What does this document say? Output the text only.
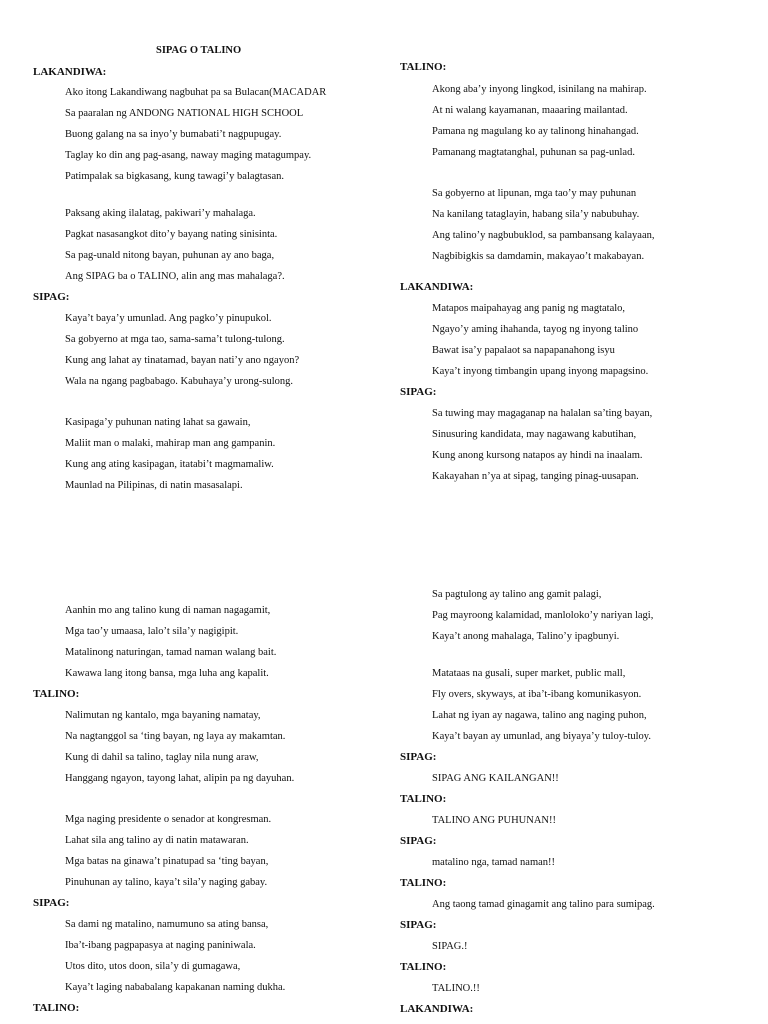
SIPAG O TALINO
LAKANDIWA:
Ako itong Lakandiwang nagbuhat pa sa Bulacan(MACADAR
Sa paaralan ng ANDONG NATIONAL HIGH SCHOOL
Buong galang na sa inyo’y bumabati’t nagpupugay.
Taglay ko din ang pag-asang, naway maging matagumpay.
Patimpalak sa bigkasang, kung tawagi’y balagtasan.
Paksang aking ilalatag, pakiwari’y mahalaga.
Pagkat nasasangkot dito’y bayang nating sinisinta.
Sa pag-unald nitong bayan, puhunan ay ano baga,
Ang SIPAG ba o TALINO, alin ang mas mahalaga?.
SIPAG:
Kaya’t baya’y umunlad. Ang pagko’y pinupukol.
Sa gobyerno at mga tao, sama-sama’t tulong-tulong.
Kung ang lahat ay tinatamad, bayan nati’y ano ngayon?
Wala na ngang pagbabago. Kabuhaya’y urong-sulong.
Kasipaga’y puhunan nating lahat sa gawain,
Maliit man o malaki, mahirap man ang gampanin.
Kung ang ating kasipagan, itatabi’t magmamaliw.
Maunlad na Pilipinas, di natin masasalapi.
Aanhin mo ang talino kung di naman nagagamit,
Mga tao’y umaasa, lalo’t sila’y nagigipit.
Matalinong naturingan, tamad naman walang bait.
Kawawa lang itong bansa, mga luha ang kapalit.
TALINO:
Nalimutan ng kantalo, mga bayaning namatay,
Na nagtanggol sa ‘ting bayan, ng laya ay makamtan.
Kung di dahil sa talino, taglay nila nung araw,
Hanggang ngayon, tayong lahat, alipin pa ng dayuhan.
Mga naging presidente o senador at kongresman.
Lahat sila ang talino ay di natin matawaran.
Mga batas na ginawa’t pinatupad sa ‘ting bayan,
Pinuhunan ay talino, kaya’t sila’y naging gabay.
SIPAG:
Sa dami ng matalino, namumuno sa ating bansa,
Iba’t-ibang pagpapasya at naging paniniwala.
Utos dito, utos doon, sila’y di gumagawa,
Kaya’t laging nababalang kapakanan naming dukha.
TALINO:
TALINO:
Akong aba’y inyong lingkod, isinilang na mahirap.
At ni walang kayamanan, maaaring mailantad.
Pamana ng magulang ko ay talinong hinahangad.
Pamanang magtatanghal, puhunan sa pag-unlad.
Sa gobyerno at lipunan, mga tao’y may puhunan
Na kanilang tataglayin, habang sila’y nabubuhay.
Ang talino’y nagbubuklod, sa pambansang kalayaan,
Nagbibigkis sa damdamin, makayao’t makabayan.
LAKANDIWA:
Matapos maipahayag ang panig ng magtatalo,
Ngayo’y aming ihahanda, tayog ng inyong talino
Bawat isa’y papalaot sa napapanahong isyu
Kaya’t inyong timbangin upang inyong mapagsino.
SIPAG:
Sa tuwing may magaganap na halalan sa’ting bayan,
Sinusuring kandidata, may nagawang kabutihan,
Kung anong kursong natapos ay hindi na inaalam.
Kakayahan n’ya at sipag, tanging pinag-uusapan.
Sa pagtulong ay talino ang gamit palagi,
Pag mayroong kalamidad, manloloko’y nariyan lagi,
Kaya’t anong mahalaga, Talino’y ipagbunyi.
Matataas na gusali, super market, public mall,
Fly overs, skyways, at iba’t-ibang komunikasyon.
Lahat ng iyan ay nagawa, talino ang naging puhon,
Kaya’t bayan ay umunlad, ang biyaya’y tuloy-tuloy.
SIPAG:
SIPAG ANG KAILANGAN!!
TALINO:
TALINO ANG PUHUNAN!!
SIPAG:
matalino nga, tamad naman!!
TALINO:
Ang taong tamad ginagamit ang talino para sumipag.
SIPAG:
SIPAG.!
TALINO:
TALINO.!!
LAKANDIWA:
